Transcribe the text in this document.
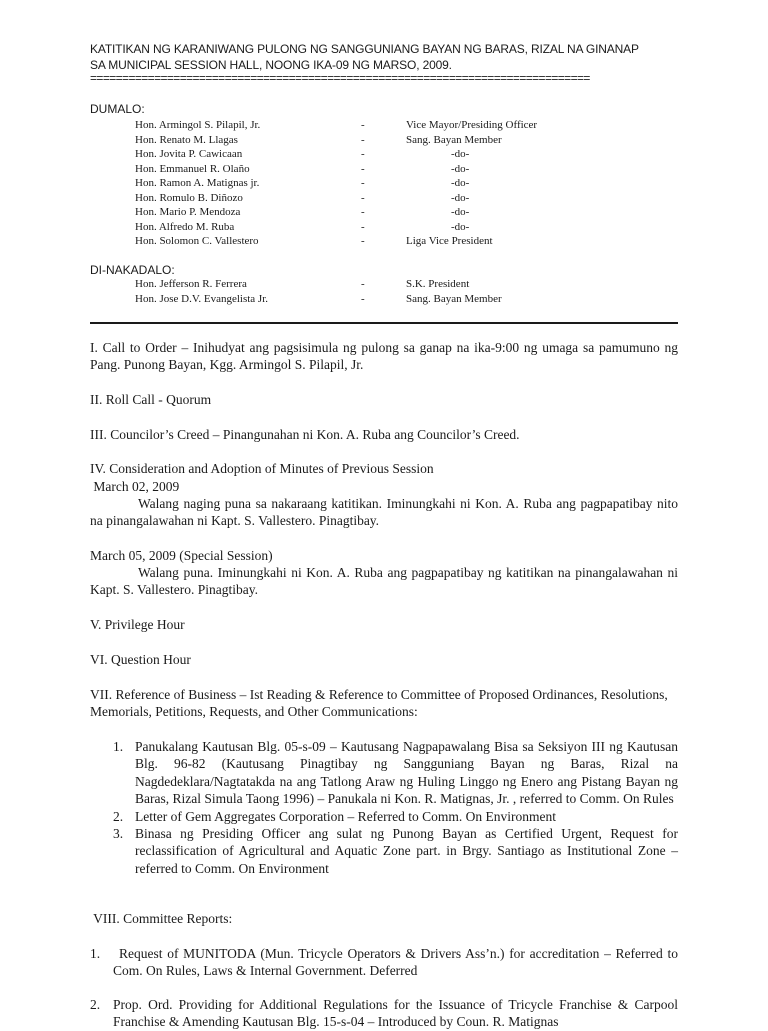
KATITIKAN NG KARANIWANG PULONG NG SANGGUNIANG BAYAN NG BARAS, RIZAL NA GINANAP
SA MUNICIPAL SESSION HALL, NOONG IKA-09 NG MARSO, 2009.
==============================================================================
DUMALO:
Hon. Armingol S. Pilapil, Jr.	-	Vice Mayor/Presiding Officer
Hon. Renato M. Llagas	-	Sang. Bayan Member
Hon. Jovita P. Cawicaan	-	-do-
Hon. Emmanuel R. Olaño	-	-do-
Hon. Ramon A. Matignas jr.	-	-do-
Hon. Romulo B. Diñozo	-	-do-
Hon. Mario P. Mendoza	-	-do-
Hon. Alfredo M. Ruba	-	-do-
Hon. Solomon C. Vallestero	-	Liga Vice President
DI-NAKADALO:
Hon. Jefferson R. Ferrera	-	S.K. President
Hon. Jose D.V. Evangelista Jr.	-	Sang. Bayan Member
I. Call to Order – Inihudyat ang pagsisimula ng pulong sa ganap na ika-9:00 ng umaga sa pamumuno ng Pang. Punong Bayan, Kgg. Armingol S. Pilapil, Jr.
II. Roll Call - Quorum
III. Councilor’s Creed – Pinangunahan ni Kon. A. Ruba ang Councilor’s Creed.
IV. Consideration and Adoption of Minutes of Previous Session
March 02, 2009
Walang naging puna sa nakaraang katitikan. Iminungkahi ni Kon. A. Ruba ang pagpapatibay nito na pinangalawahan ni Kapt. S. Vallestero. Pinagtibay.
March 05, 2009 (Special Session)
Walang puna. Iminungkahi ni Kon. A. Ruba ang pagpapatibay ng katitikan na pinangalawahan ni Kapt. S. Vallestero. Pinagtibay.
V. Privilege Hour
VI. Question Hour
VII. Reference of Business – Ist Reading & Reference to Committee of Proposed Ordinances, Resolutions, Memorials, Petitions, Requests, and Other Communications:
1. Panukalang Kautusan Blg. 05-s-09 – Kautusang Nagpapawalang Bisa sa Seksiyon III ng Kautusan Blg. 96-82 (Kautusang Pinagtibay ng Sangguniang Bayan ng Baras, Rizal na Nagdedeklara/Nagtatakda na ang Tatlong Araw ng Huling Linggo ng Enero ang Pistang Bayan ng Baras, Rizal Simula Taong 1996) – Panukala ni Kon. R. Matignas, Jr. , referred to Comm. On Rules
2. Letter of Gem Aggregates Corporation – Referred to Comm. On Environment
3. Binasa ng Presiding Officer ang sulat ng Punong Bayan as Certified Urgent, Request for reclassification of Agricultural and Aquatic Zone part. in Brgy. Santiago as Institutional Zone – referred to Comm. On Environment
VIII. Committee Reports:
1.	Request of MUNITODA (Mun. Tricycle Operators & Drivers Ass’n.) for accreditation – Referred to Com. On Rules, Laws & Internal Government. Deferred
2. Prop. Ord. Providing for Additional Regulations for the Issuance of Tricycle Franchise & Carpool Franchise & Amending Kautusan Blg. 15-s-04 – Introduced by Coun. R. Matignas
